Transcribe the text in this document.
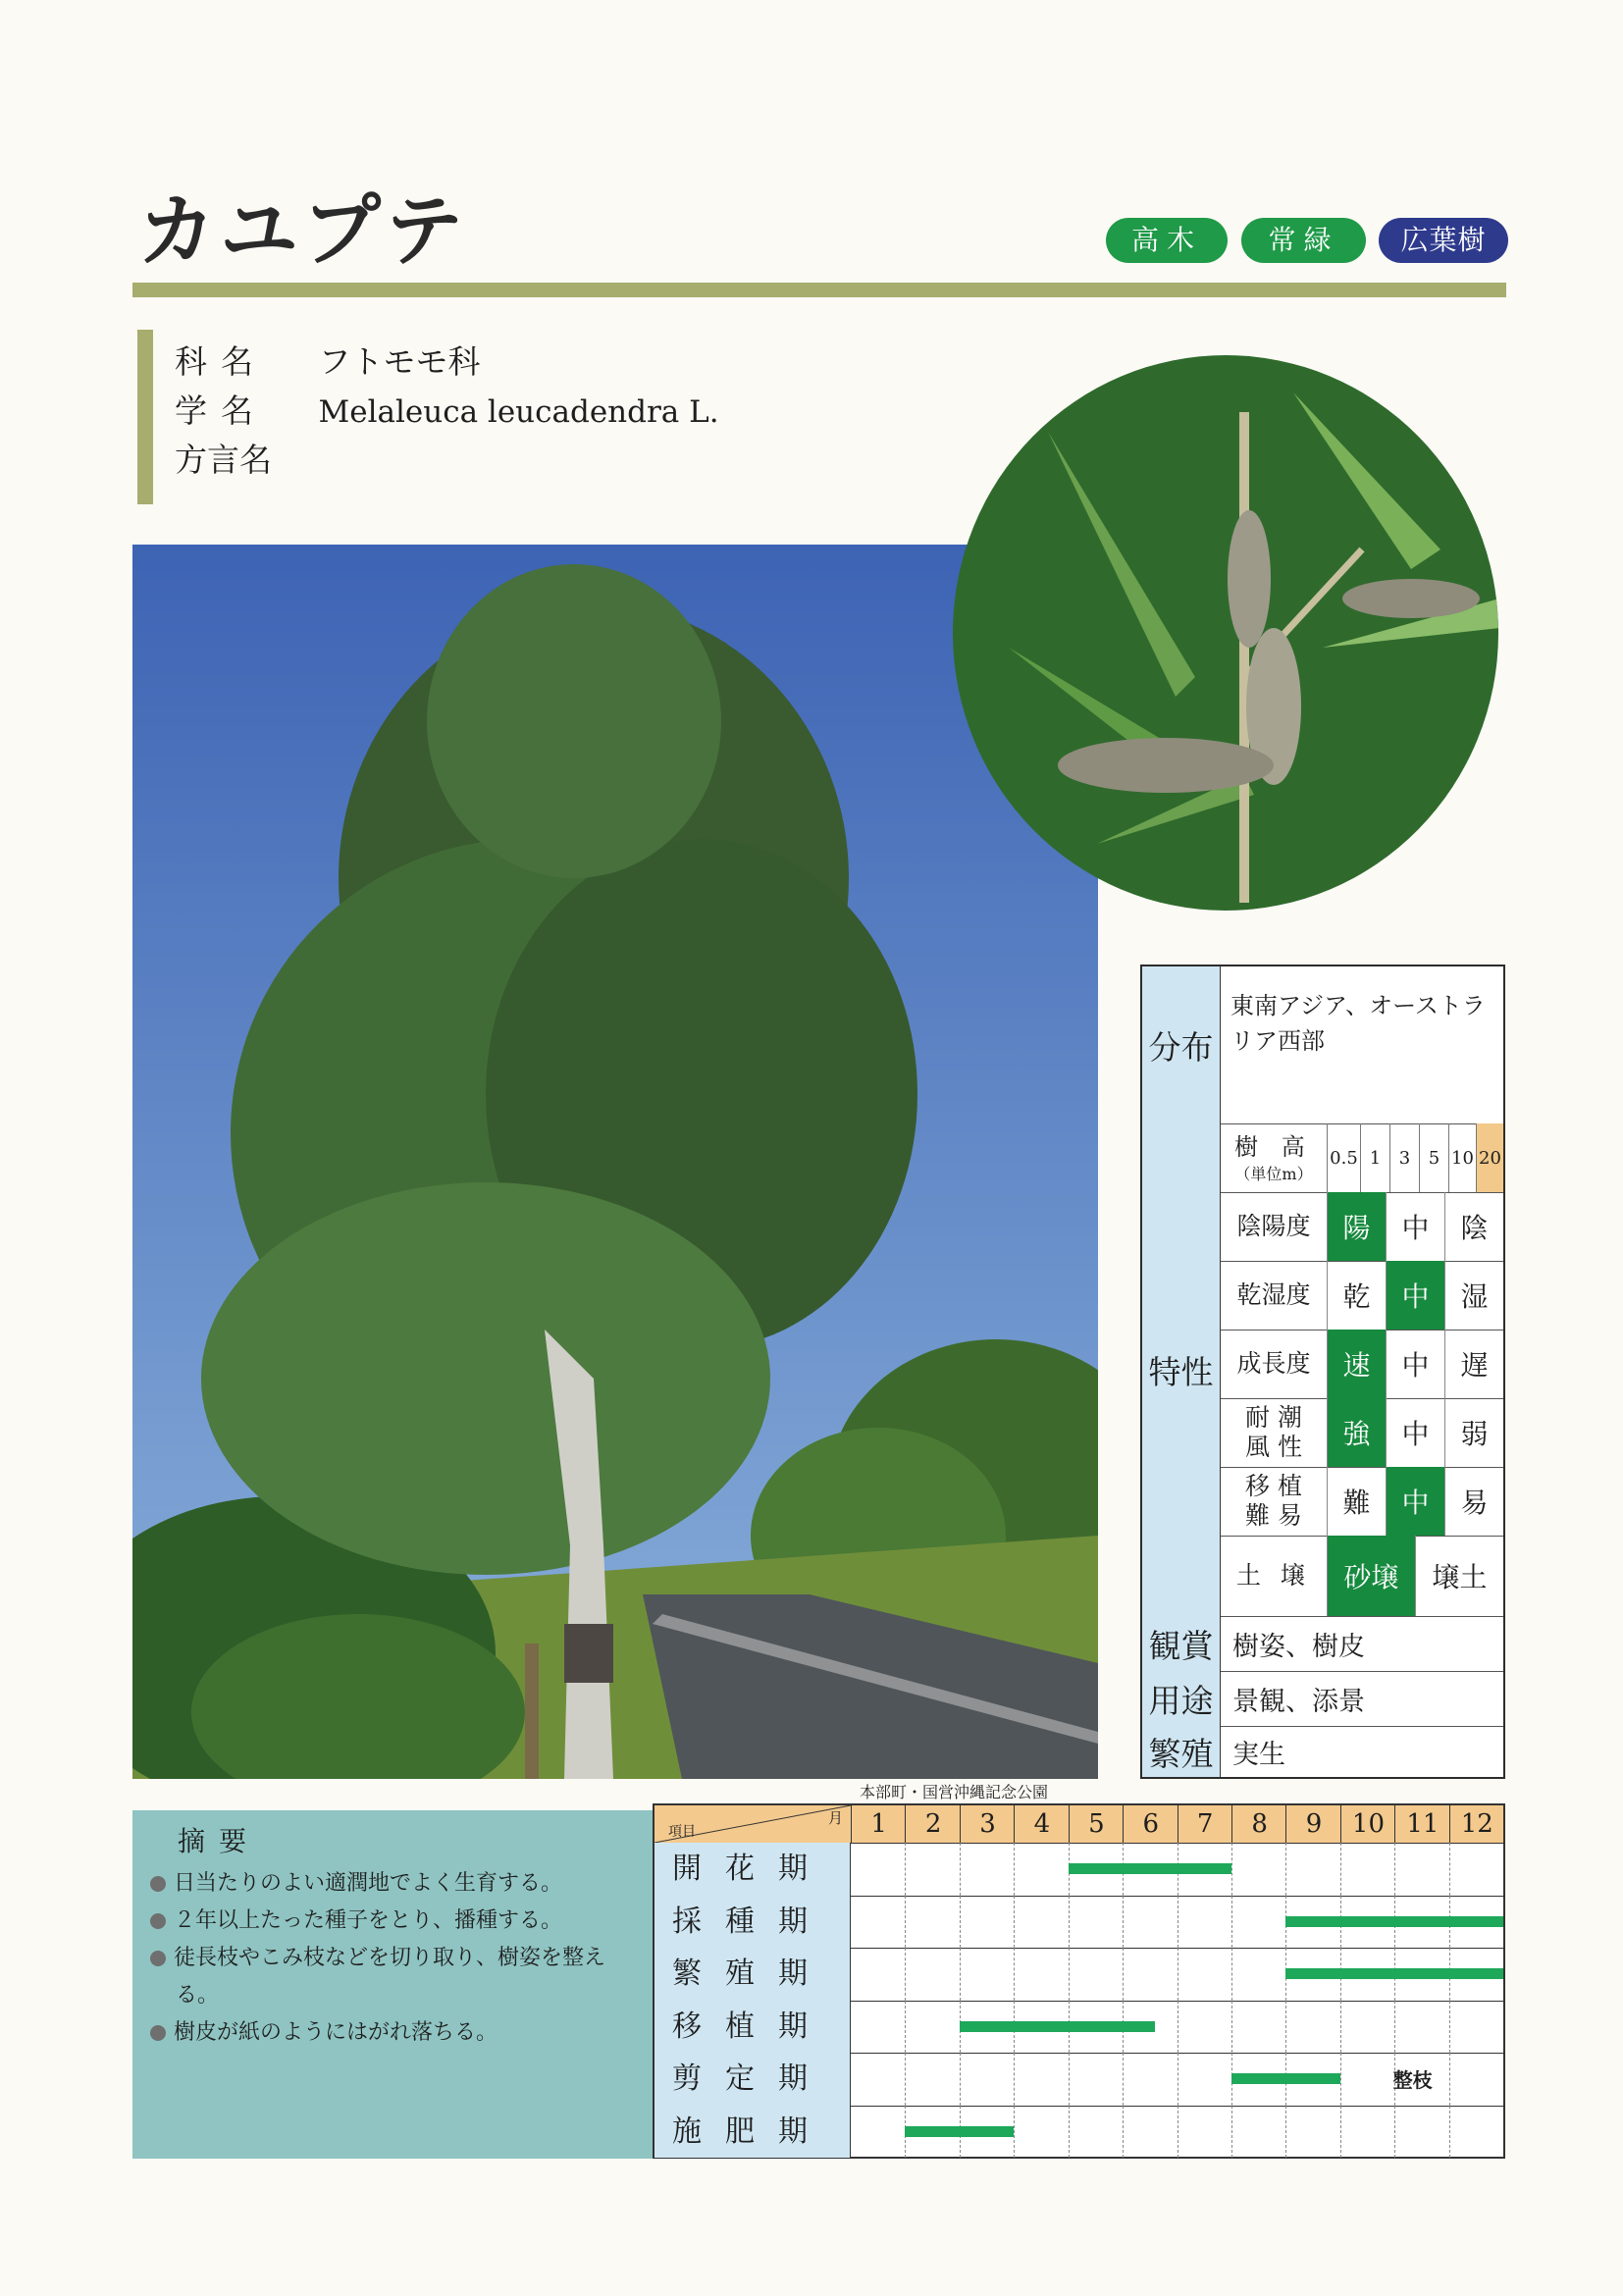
カユプテ	高木	常緑	広葉樹
科名 フトモモ科
学名 Melaleuca leucadendra L.
方言名
本部町・国営沖縄記念公園
分布
東南アジア、オーストラリア西部
特性
樹 高
（単位m）
0.5 1	3	5 10 20
陰陽度	陽	中	陰
乾湿度	乾	中	湿
成長度	速	中	遅
耐 潮
風 性	強	中	弱
移 植
難 易	難	中	易
土 壌	砂壌	壌土
観賞 樹姿、樹皮
用途 景観、添景
繁殖 実生
摘要
日当たりのよい適潤地でよく生育する。
２年以上たった種子をとり、播種する。
徒長枝やこみ枝などを切り取り、樹姿を整える。
樹皮が紙のようにはがれ落ちる。
項目
月	1	2	3	4	5	6	7	8	9	10 11 12
開花期
採種期
繁殖期
移植期
剪定期	整枝
施肥期
